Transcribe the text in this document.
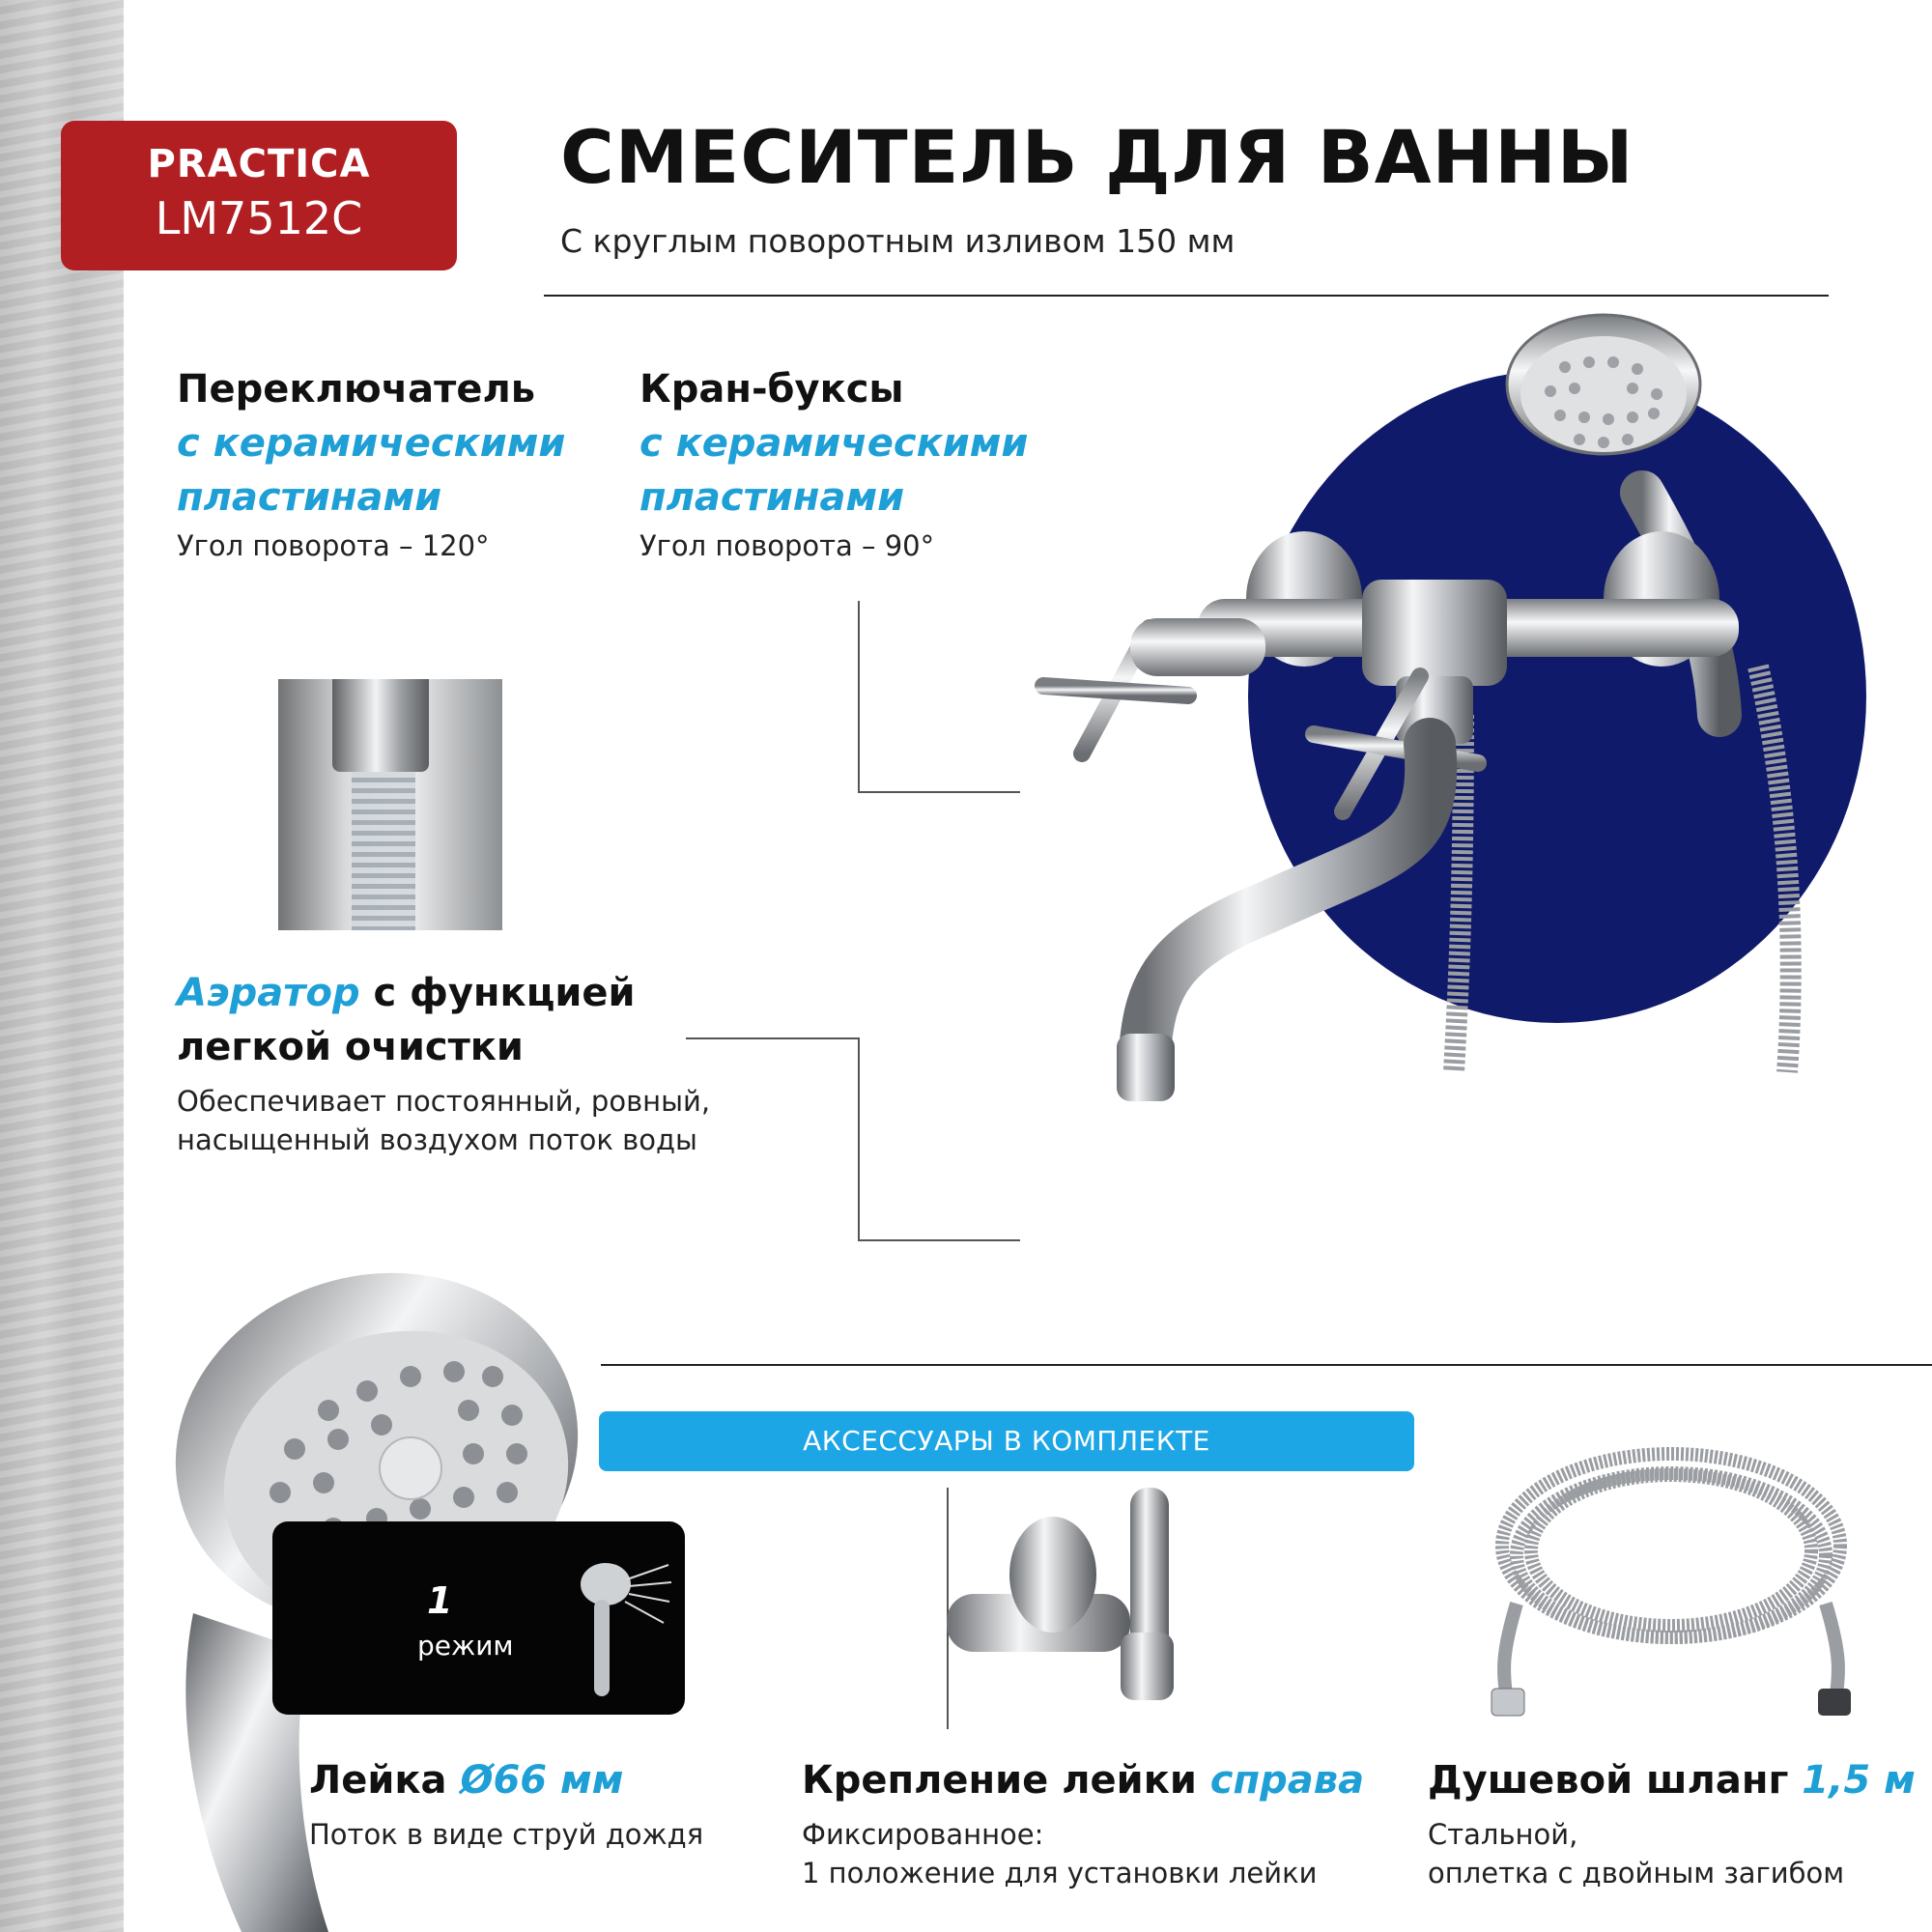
PRACTICA
LM7512C
СМЕСИТЕЛЬ ДЛЯ ВАННЫ
С круглым поворотным изливом 150 мм
Переключатель
с керамическими
пластинами
Угол поворота – 120°
Кран-буксы
с керамическими
пластинами
Угол поворота – 90°
Аэратор с функцией
легкой очистки
Обеспечивает постоянный, ровный,
насыщенный воздухом поток воды
АКСЕССУАРЫ В КОМПЛЕКТЕ
1
режим
Лейка Ø66 мм
Поток в виде струй дождя
Крепление лейки справа
Фиксированное:
1 положение для установки лейки
Душевой шланг 1,5 м
Стальной,
оплетка с двойным загибом
